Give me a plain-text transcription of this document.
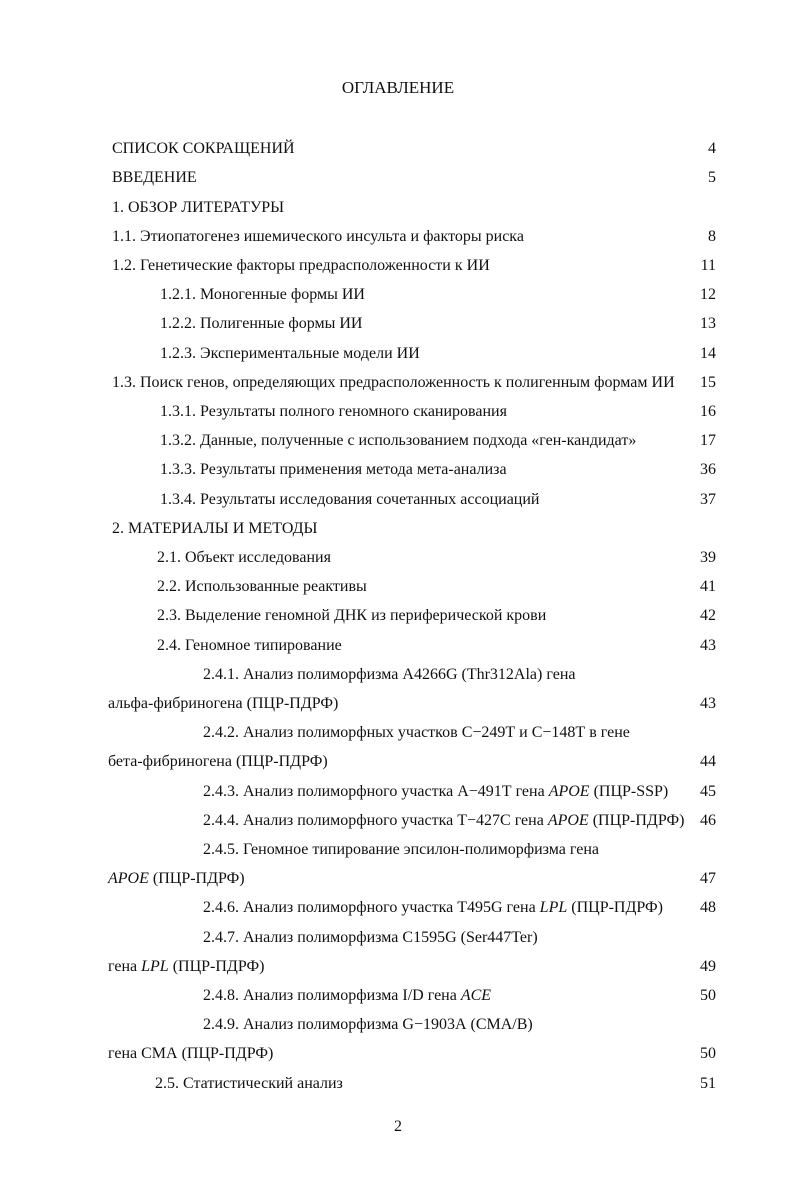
ОГЛАВЛЕНИЕ
СПИСОК СОКРАЩЕНИЙ	4
ВВЕДЕНИЕ	5
1. ОБЗОР ЛИТЕРАТУРЫ
1.1. Этиопатогенез ишемического инсульта и факторы риска	8
1.2. Генетические факторы предрасположенности к ИИ	11
1.2.1. Моногенные формы ИИ	12
1.2.2. Полигенные формы ИИ	13
1.2.3. Экспериментальные модели ИИ	14
1.3. Поиск генов, определяющих предрасположенность к полигенным формам ИИ 15
1.3.1. Результаты полного геномного сканирования	16
1.3.2. Данные, полученные с использованием подхода «ген-кандидат»	17
1.3.3. Результаты применения метода мета-анализа	36
1.3.4. Результаты исследования сочетанных ассоциаций	37
2. МАТЕРИАЛЫ И МЕТОДЫ
2.1. Объект исследования	39
2.2. Использованные реактивы	41
2.3. Выделение геномной ДНК из периферической крови	42
2.4. Геномное типирование	43
2.4.1. Анализ полиморфизма A4266G (Thr312Ala) гена
альфа-фибриногена (ПЦР-ПДРФ)	43
2.4.2. Анализ полиморфных участков С−249Т и С−148Т в гене
бета-фибриногена (ПЦР-ПДРФ)	44
2.4.3. Анализ полиморфного участка А−491Т гена APOE (ПЦР-SSP) 45
2.4.4. Анализ полиморфного участка Т−427С гена APOE (ПЦР-ПДРФ) 46
2.4.5. Геномное типирование эпсилон-полиморфизма гена
APOE (ПЦР-ПДРФ)	47
2.4.6. Анализ полиморфного участка Т495G гена LPL (ПЦР-ПДРФ) 48
2.4.7. Анализ полиморфизма С1595G (Ser447Ter)
гена LPL (ПЦР-ПДРФ)	49
2.4.8. Анализ полиморфизма I/D гена ACE	50
2.4.9. Анализ полиморфизма G−1903А (CMA/B)
гена СМА (ПЦР-ПДРФ)	50
2.5. Статистический анализ	51
2
